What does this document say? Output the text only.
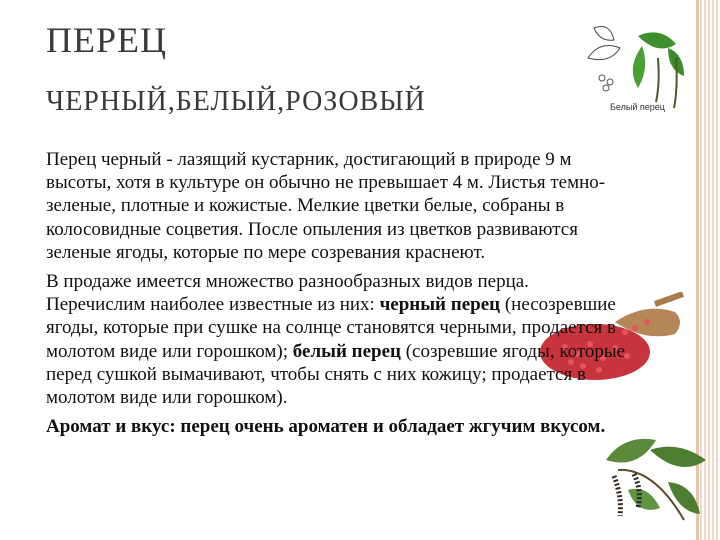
ПЕРЕЦ
ЧЕРНЫЙ,БЕЛЫЙ,РОЗОВЫЙ	Белый перец

Перец черный - лазящий кустарник, достигающий в природе 9 м высоты, хотя в культуре он обычно не превышает 4 м. Листья темно-зеленые, плотные и кожистые. Мелкие цветки белые, собраны в колосовидные соцветия. После опыления из цветков развиваются зеленые ягоды, которые по мере созревания краснеют.

В продаже имеется множество разнообразных видов перца. Перечислим наиболее известные из них: черный перец (несозревшие ягоды, которые при сушке на солнце становятся черными, продается в молотом виде или горошком); белый перец (созревшие ягоды, которые перед сушкой вымачивают, чтобы снять с них кожицу; продается в молотом виде или горошком).

Аромат и вкус: перец очень ароматен и обладает жгучим вкусом.
